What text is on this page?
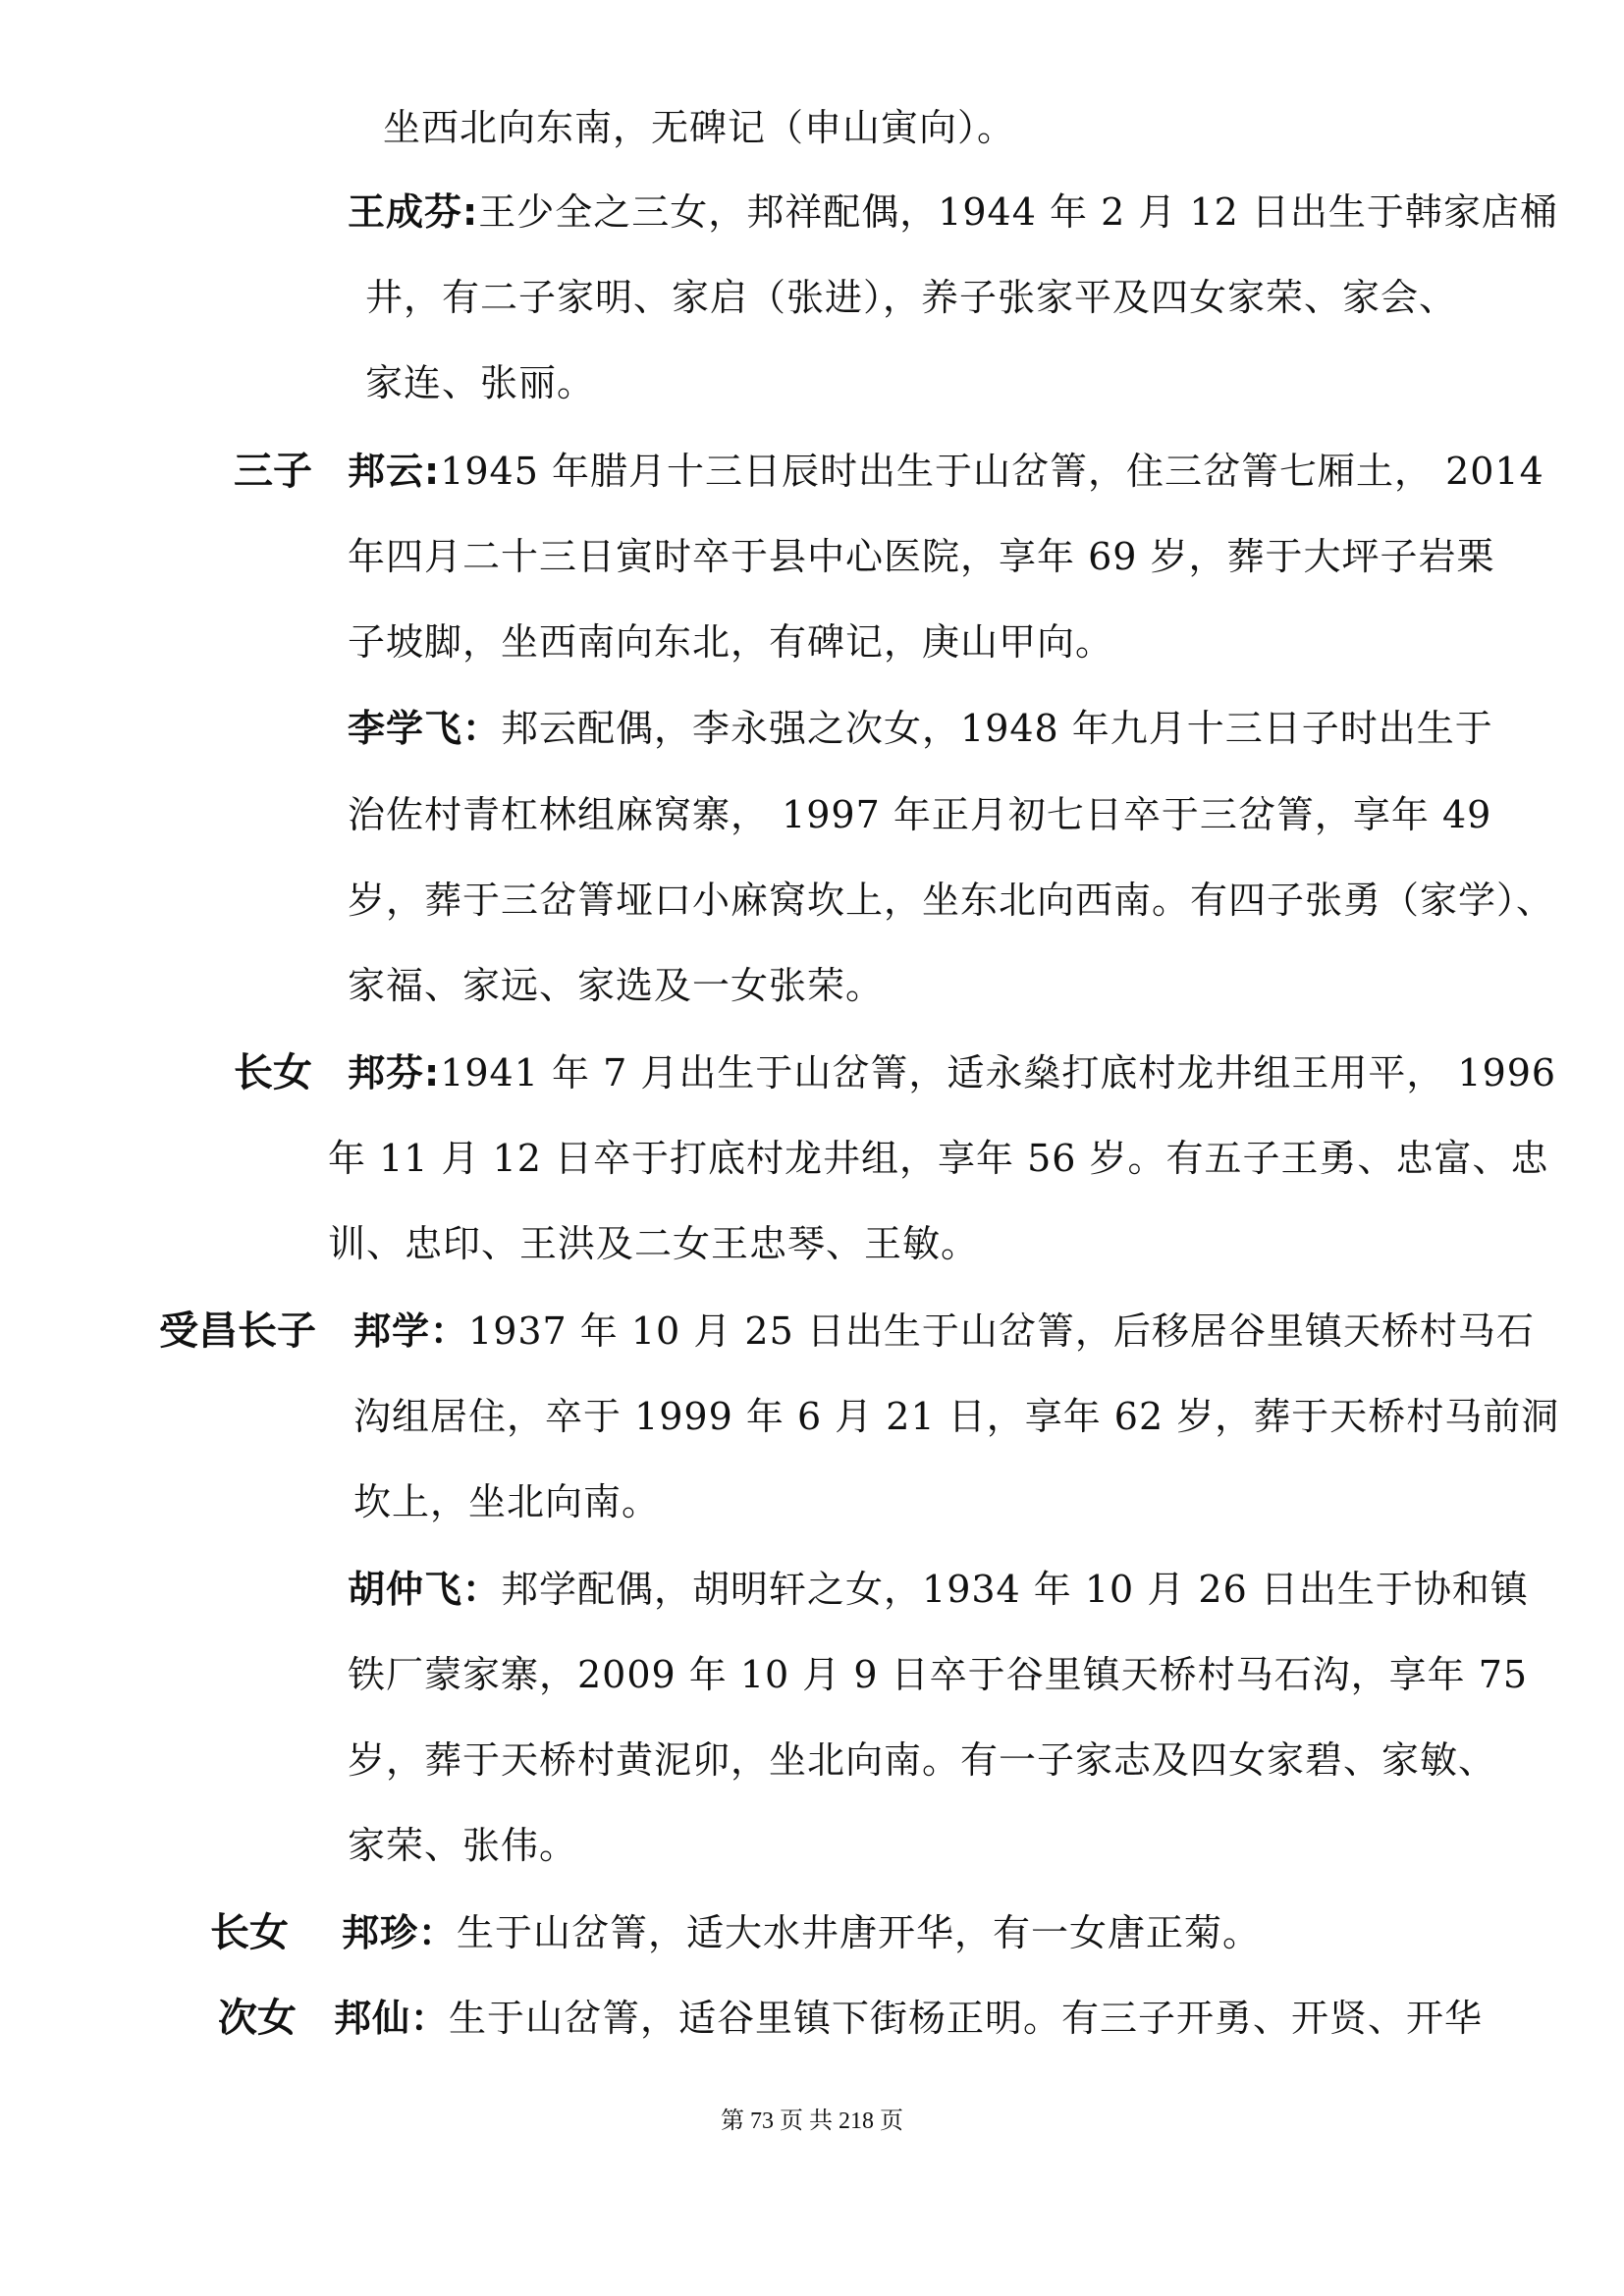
坐西北向东南，无碑记（申山寅向）。
王成芬:王少全之三女，邦祥配偶，1944 年 2 月 12 日出生于韩家店桶
井，有二子家明、家启（张进），养子张家平及四女家荣、家会、
家连、张丽。
三子 邦云:1945 年腊月十三日辰时出生于山岔箐，住三岔箐七厢土， 2014
年四月二十三日寅时卒于县中心医院，享年 69 岁，葬于大坪子岩栗
子坡脚，坐西南向东北，有碑记，庚山甲向。
李学飞：邦云配偶，李永强之次女，1948 年九月十三日子时出生于
治佐村青杠林组麻窝寨， 1997 年正月初七日卒于三岔箐，享年 49
岁，葬于三岔箐垭口小麻窝坎上，坐东北向西南。有四子张勇（家学）、
家福、家远、家选及一女张荣。
长女 邦芬:1941 年 7 月出生于山岔箐，适永燊打底村龙井组王用平， 1996
年 11 月 12 日卒于打底村龙井组，享年 56 岁。有五子王勇、忠富、忠
训、忠印、王洪及二女王忠琴、王敏。
受昌长子 邦学：1937 年 10 月 25 日出生于山岔箐，后移居谷里镇天桥村马石
沟组居住，卒于 1999 年 6 月 21 日，享年 62 岁，葬于天桥村马前洞
坎上，坐北向南。
胡仲飞：邦学配偶，胡明轩之女，1934 年 10 月 26 日出生于协和镇
铁厂蒙家寨，2009 年 10 月 9 日卒于谷里镇天桥村马石沟，享年 75
岁，葬于天桥村黄泥卯，坐北向南。有一子家志及四女家碧、家敏、
家荣、张伟。
长女 邦珍：生于山岔箐，适大水井唐开华，有一女唐正菊。
次女 邦仙：生于山岔箐，适谷里镇下街杨正明。有三子开勇、开贤、开华
第 73 页 共 218 页
